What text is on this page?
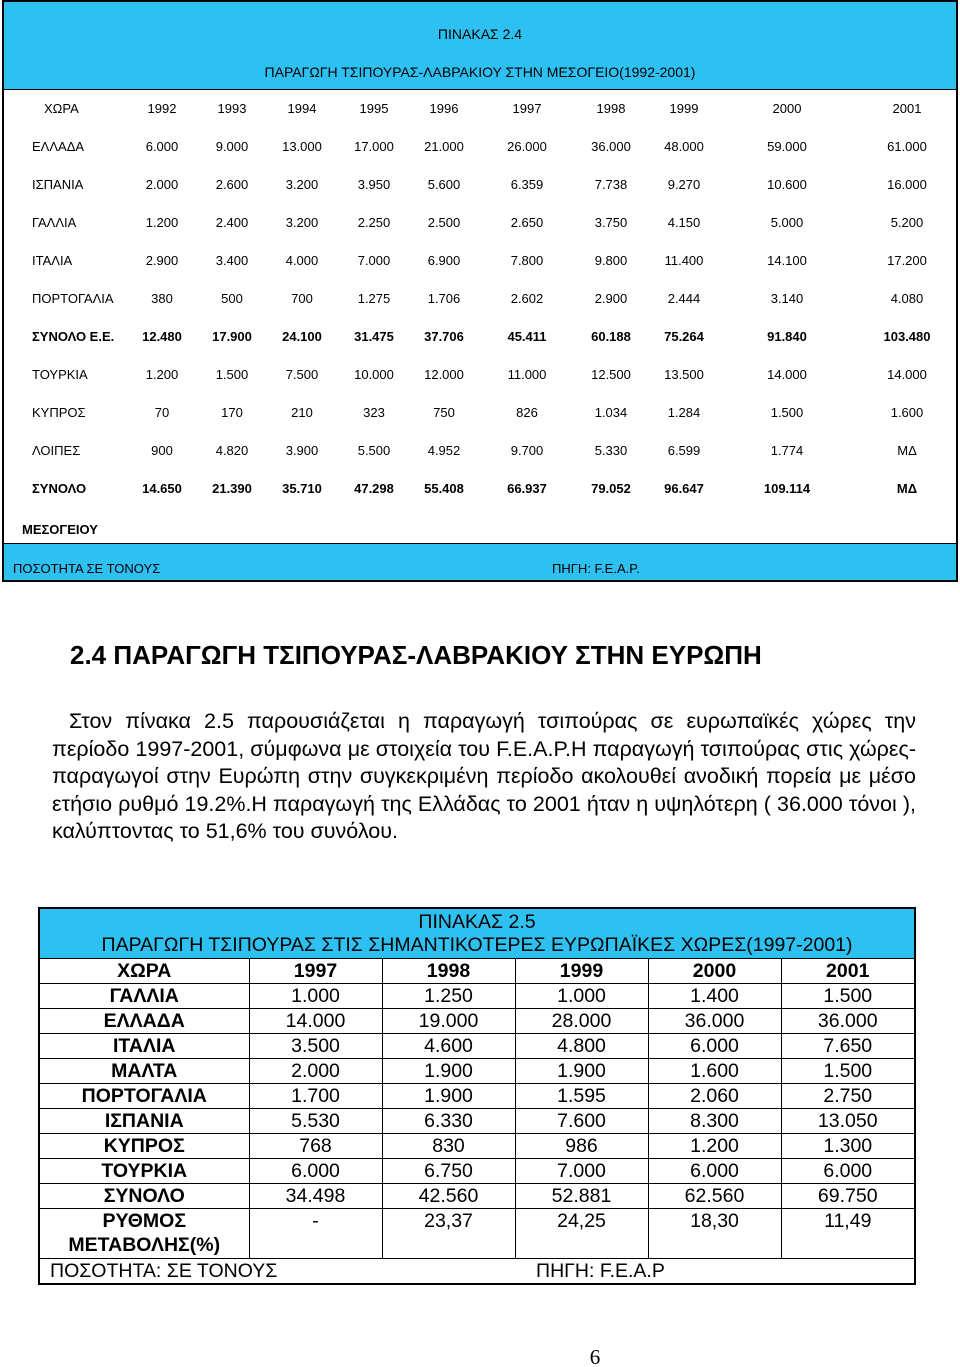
ΠΙΝΑΚΑΣ 2.4
ΠΑΡΑΓΩΓΗ ΤΣΙΠΟΥΡΑΣ-ΛΑΒΡΑΚΙΟΥ ΣΤΗΝ ΜΕΣΟΓΕΙΟ(1992-2001)
ΧΩΡΑ	1992	1993	1994	1995	1996	1997	1998	1999	2000	2001
ΕΛΛΑΔΑ	6.000	9.000	13.000	17.000	21.000	26.000	36.000	48.000	59.000	61.000
ΙΣΠΑΝΙΑ	2.000	2.600	3.200	3.950	5.600	6.359	7.738	9.270	10.600	16.000
ΓΑΛΛΙΑ	1.200	2.400	3.200	2.250	2.500	2.650	3.750	4.150	5.000	5.200
ΙΤΑΛΙΑ	2.900	3.400	4.000	7.000	6.900	7.800	9.800	11.400	14.100	17.200
ΠΟΡΤΟΓΑΛΙΑ	380	500	700	1.275	1.706	2.602	2.900	2.444	3.140	4.080
ΣΥΝΟΛΟ Ε.Ε.	12.480	17.900	24.100	31.475	37.706	45.411	60.188	75.264	91.840	103.480
ΤΟΥΡΚΙΑ	1.200	1.500	7.500	10.000	12.000	11.000	12.500	13.500	14.000	14.000
ΚΥΠΡΟΣ	70	170	210	323	750	826	1.034	1.284	1.500	1.600
ΛΟΙΠΕΣ	900	4.820	3.900	5.500	4.952	9.700	5.330	6.599	1.774	ΜΔ
ΣΥΝΟΛΟ	14.650	21.390	35.710	47.298	55.408	66.937	79.052	96.647	109.114	ΜΔ
ΜΕΣΟΓΕΙΟΥ
ΠΟΣΟΤΗΤΑ ΣΕ ΤΟΝΟΥΣ	ΠΗΓΗ: F.E.A.P.
2.4 ΠΑΡΑΓΩΓΗ ΤΣΙΠΟΥΡΑΣ-ΛΑΒΡΑΚΙΟΥ ΣΤΗΝ ΕΥΡΩΠΗ
Στον πίνακα 2.5 παρουσιάζεται η παραγωγή τσιπούρας σε ευρωπαϊκές χώρες την περίοδο 1997-2001, σύμφωνα με στοιχεία του F.E.A.P.Η παραγωγή τσιπούρας στις χώρες-παραγωγοί στην Ευρώπη στην συγκεκριμένη περίοδο ακολουθεί ανοδική πορεία με μέσο ετήσιο ρυθμό 19.2%.Η παραγωγή της Ελλάδας το 2001 ήταν η υψηλότερη ( 36.000 τόνοι ), καλύπτοντας το 51,6% του συνόλου.
ΠΙΝΑΚΑΣ 2.5					
ΠΑΡΑΓΩΓΗ ΤΣΙΠΟΥΡΑΣ ΣΤΙΣ ΣΗΜΑΝΤΙΚΟΤΕΡΕΣ ΕΥΡΩΠΑΪΚΕΣ ΧΩΡΕΣ(1997-2001)					
ΧΩΡΑ	1997	1998	1999	2000	2001
ΓΑΛΛΙΑ	1.000	1.250	1.000	1.400	1.500
ΕΛΛΑΔΑ	14.000	19.000	28.000	36.000	36.000
ΙΤΑΛΙΑ	3.500	4.600	4.800	6.000	7.650
ΜΑΛΤΑ	2.000	1.900	1.900	1.600	1.500
ΠΟΡΤΟΓΑΛΙΑ	1.700	1.900	1.595	2.060	2.750
ΙΣΠΑΝΙΑ	5.530	6.330	7.600	8.300	13.050
ΚΥΠΡΟΣ	768	830	986	1.200	1.300
ΤΟΥΡΚΙΑ	6.000	6.750	7.000	6.000	6.000
ΣΥΝΟΛΟ	34.498	42.560	52.881	62.560	69.750

ΡΥΘΜΟΣ
ΜΕΤΑΒΟΛΗΣ(%)	-	23,37	24,25	18,30	11,49
ΠΟΣΟΤΗΤΑ: ΣΕ ΤΟΝΟΥΣ				ΠΗΓΗ: F.E.A.P	
6
